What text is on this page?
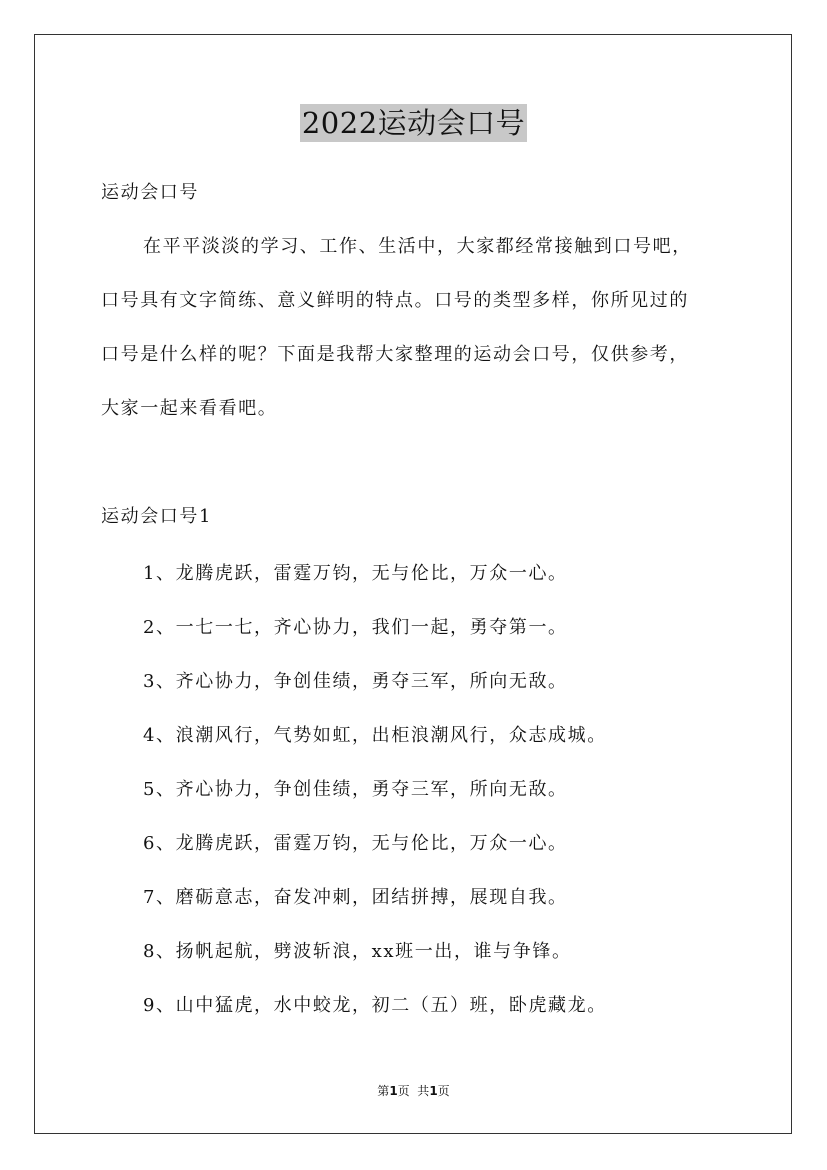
2022运动会口号
运动会口号
在平平淡淡的学习、工作、生活中，大家都经常接触到口号吧，
口号具有文字简练、意义鲜明的特点。口号的类型多样，你所见过的
口号是什么样的呢？下面是我帮大家整理的运动会口号，仅供参考，
大家一起来看看吧。
运动会口号1
1、龙腾虎跃，雷霆万钧，无与伦比，万众一心。
2、一七一七，齐心协力，我们一起，勇夺第一。
3、齐心协力，争创佳绩，勇夺三军，所向无敌。
4、浪潮风行，气势如虹，出柜浪潮风行，众志成城。
5、齐心协力，争创佳绩，勇夺三军，所向无敌。
6、龙腾虎跃，雷霆万钧，无与伦比，万众一心。
7、磨砺意志，奋发冲刺，团结拼搏，展现自我。
8、扬帆起航，劈波斩浪，xx班一出，谁与争锋。
9、山中猛虎，水中蛟龙，初二（五）班，卧虎藏龙。
第1页  共1页
